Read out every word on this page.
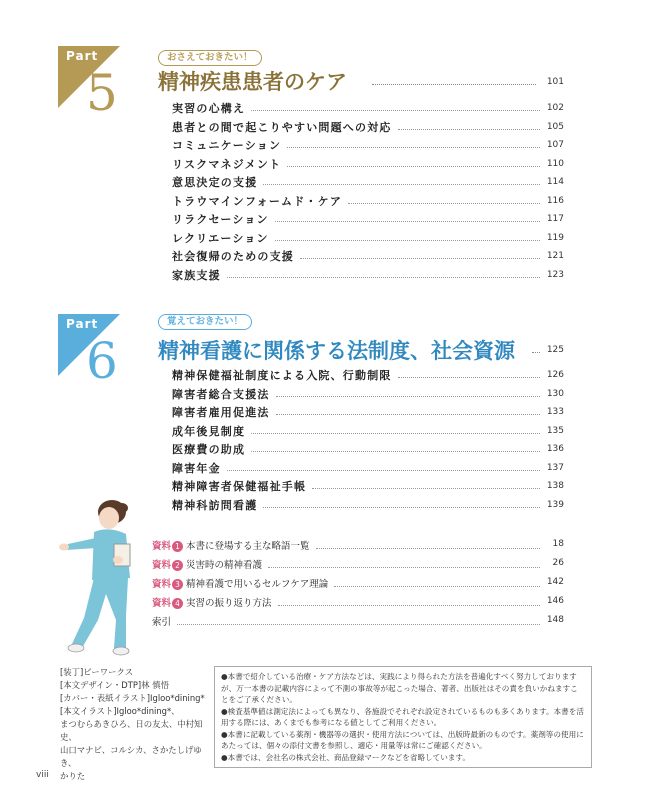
Part
5
おさえておきたい！
精神疾患患者のケア	101
実習の心構え	102
患者との間で起こりやすい問題への対応	105
コミュニケーション	107
リスクマネジメント	110
意思決定の支援	114
トラウマインフォームド・ケア	116
リラクセーション	117
レクリエーション	119
社会復帰のための支援	121
家族支援	123
Part
6
覚えておきたい！
精神看護に関係する法制度、社会資源	125
精神保健福祉制度による入院、行動制限	126
障害者総合支援法	130
障害者雇用促進法	133
成年後見制度	135
医療費の助成	136
障害年金	137
精神障害者保健福祉手帳	138
精神科訪問看護	139
資料 1 本書に登場する主な略語一覧	18
資料 2 災害時の精神看護	26
資料 3 精神看護で用いるセルフケア理論	142
資料 4 実習の振り返り方法	146
索引	148
[装丁]ビーワークス
[本文デザイン・DTP]林 慎悟
[カバー・表紙イラスト]Igloo*dining*
[本文イラスト]Igloo*dining*、
まつむらあきひろ、日の友太、中村知史、
山口マナビ、コルシカ、さかたしげゆき、
かりた

●本書で紹介している治療・ケア方法などは、実践により得られた方法を普遍化すべく努力しておりますが、万一本書の記載内容によって不測の事故等が起こった場合、著者、出版社はその責を負いかねますことをご了承ください。

●検査基準値は測定法によっても異なり、各施設でそれぞれ設定されているものも多くあります。本書を活用する際には、あくまでも参考になる値としてご利用ください。

●本書に記載している薬剤・機器等の選択・使用方法については、出版時最新のものです。薬剤等の使用にあたっては、個々の添付文書を参照し、適応・用量等は常にご確認ください。

●本書では、会社名の株式会社、商品登録マークなどを省略しています。

viii
